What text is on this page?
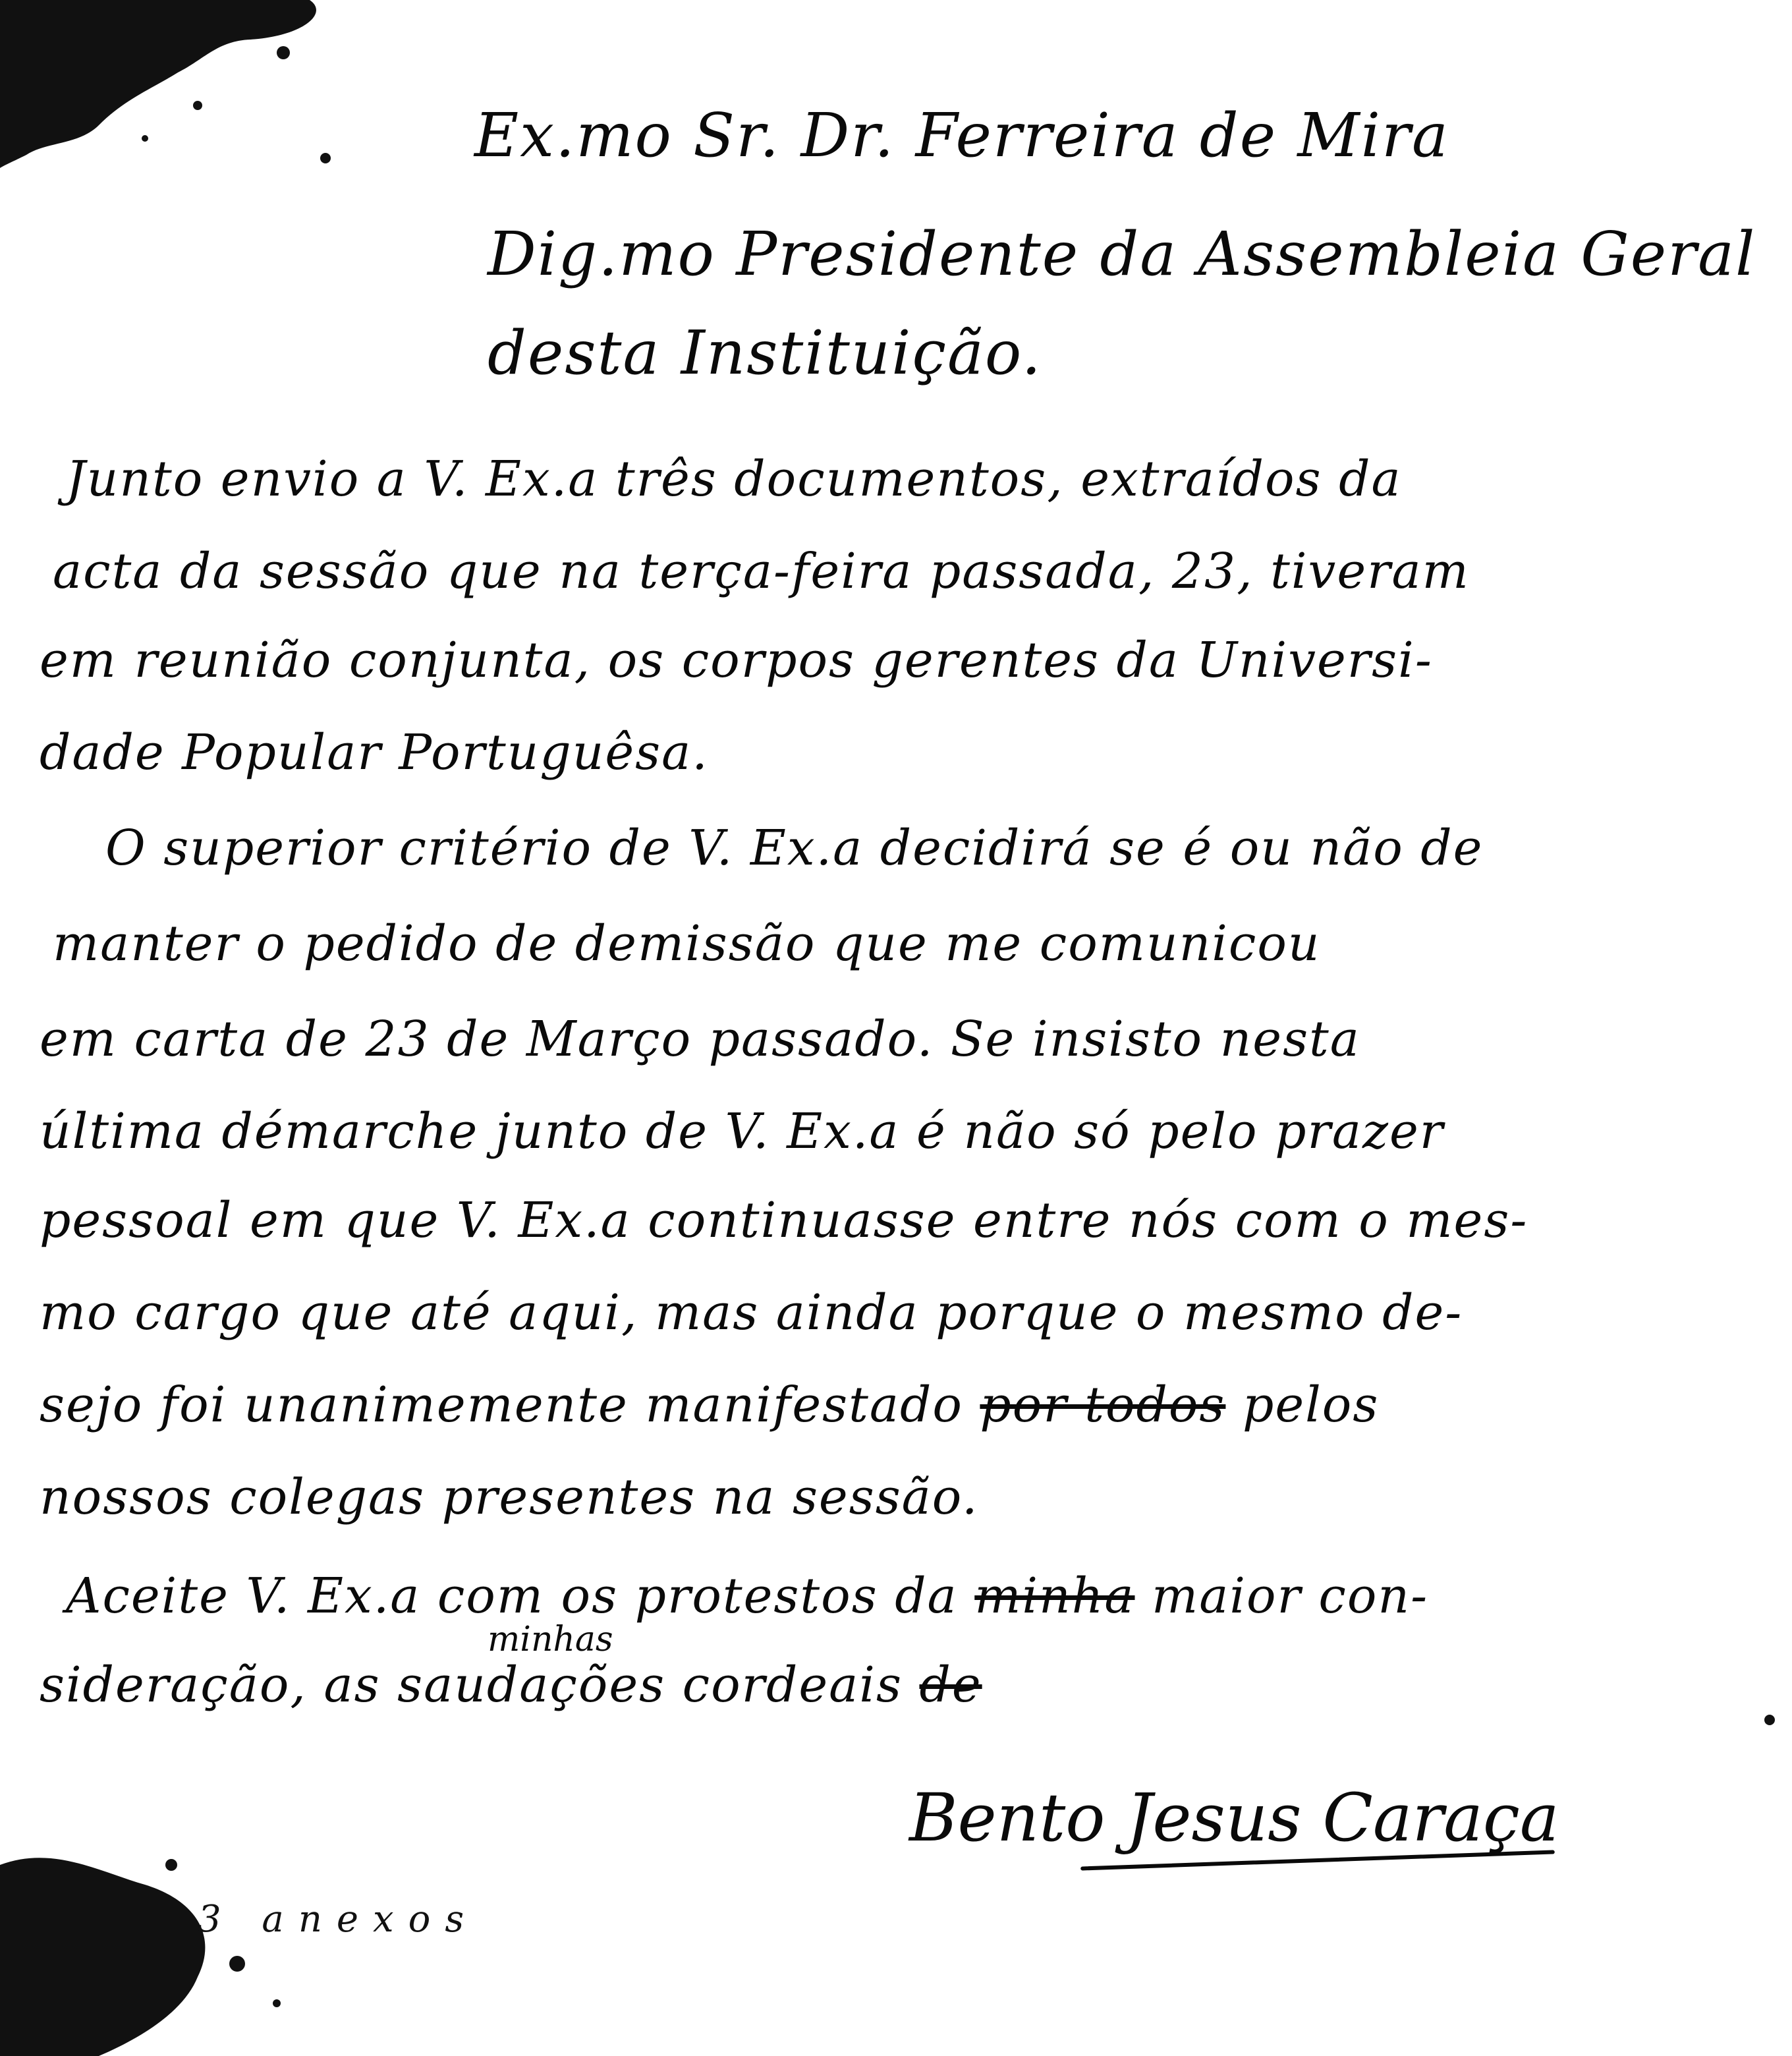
Ex.mo Sr. Dr. Ferreira de Mira
Dig.mo Presidente da Assembleia Geral
desta Instituição.
Junto envio a V. Ex.a três documentos, extraídos da
acta da sessão que na terça-feira passada, 23, tiveram
em reunião conjunta, os corpos gerentes da Universi-
dade Popular Portuguêsa.
O superior critério de V. Ex.a decidirá se é ou não de
manter o pedido de demissão que me comunicou
em carta de 23 de Março passado. Se insisto nesta
última démarche junto de V. Ex.a é não só pelo prazer
pessoal em que V. Ex.a continuasse entre nós com o mes-
mo cargo que até aqui, mas ainda porque o mesmo de-
sejo foi unanimemente manifestado por todos pelos
nossos colegas presentes na sessão.
Aceite V. Ex.a com os protestos da minha maior con-
minhas
sideração, as saudações cordeais de
Bento Jesus Caraça
3 anexos
